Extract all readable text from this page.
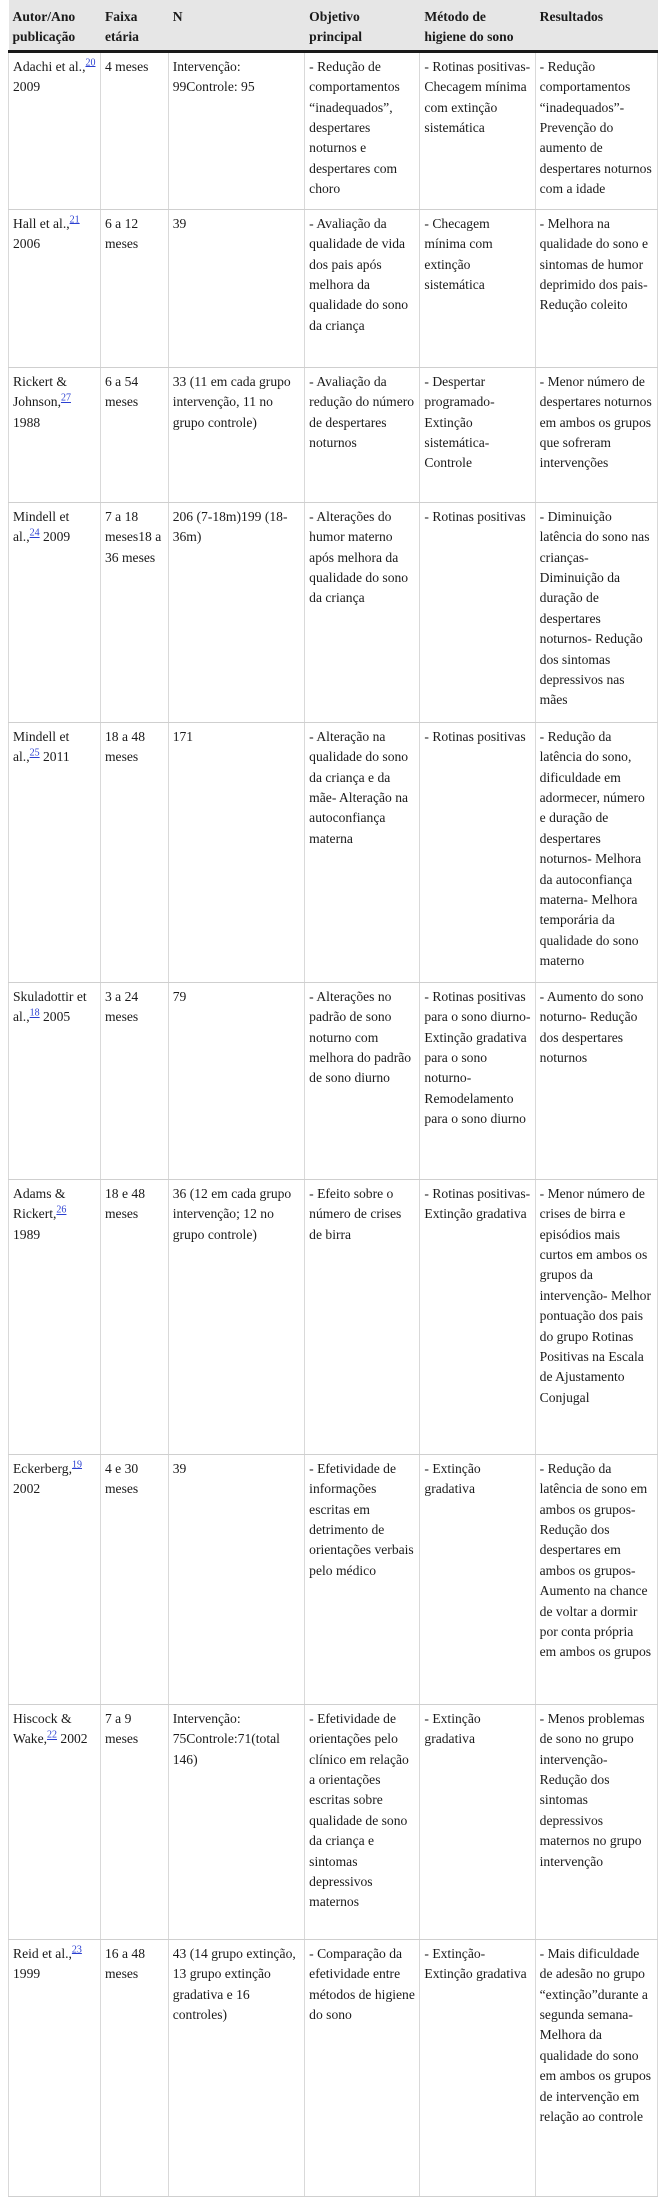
Autor/Ano publicação	Faixa etária	N	Objetivo principal	Método de higiene do sono	Resultados
Adachi et al.,$^{20}$ 2009	4 meses	Intervenção: 99Controle: 95	- Redução de comportamentos “inadequados”, despertares noturnos e despertares com choro	- Rotinas positivas- Checagem mínima com extinção sistemática	- Redução comportamentos “inadequados”- Prevenção do aumento de despertares noturnos com a idade
Hall et al.,$^{21}$ 2006	6 a 12 meses	39	- Avaliação da qualidade de vida dos pais após melhora da qualidade do sono da criança	- Checagem mínima com extinção sistemática	- Melhora na qualidade do sono e sintomas de humor deprimido dos pais- Redução coleito
Rickert & Johnson,$^{27}$ 1988	6 a 54 meses	33 (11 em cada grupo intervenção, 11 no grupo controle)	- Avaliação da redução do número de despertares noturnos	- Despertar programado- Extinção sistemática- Controle	- Menor número de despertares noturnos em ambos os grupos que sofreram intervenções
Mindell et al.,$^{24}$ 2009	7 a 18 meses18 a 36 meses	206 (7-18m)199 (18-36m)	- Alterações do humor materno após melhora da qualidade do sono da criança	- Rotinas positivas	- Diminuição latência do sono nas crianças- Diminuição da duração de despertares noturnos- Redução dos sintomas depressivos nas mães
Mindell et al.,$^{25}$ 2011	18 a 48 meses	171	- Alteração na qualidade do sono da criança e da mãe- Alteração na autoconfiança materna	- Rotinas positivas	- Redução da latência do sono, dificuldade em adormecer, número e duração de despertares noturnos- Melhora da autoconfiança materna- Melhora temporária da qualidade do sono materno
Skuladottir et al.,$^{18}$ 2005	3 a 24 meses	79	- Alterações no padrão de sono noturno com melhora do padrão de sono diurno	- Rotinas positivas para o sono diurno- Extinção gradativa para o sono noturno- Remodelamento para o sono diurno	- Aumento do sono noturno- Redução dos despertares noturnos
Adams & Rickert,$^{26}$ 1989	18 e 48 meses	36 (12 em cada grupo intervenção; 12 no grupo controle)	- Efeito sobre o número de crises de birra	- Rotinas positivas- Extinção gradativa	- Menor número de crises de birra e episódios mais curtos em ambos os grupos da intervenção- Melhor pontuação dos pais do grupo Rotinas Positivas na Escala de Ajustamento Conjugal
Eckerberg,$^{19}$ 2002	4 e 30 meses	39	- Efetividade de informações escritas em detrimento de orientações verbais pelo médico	- Extinção gradativa	- Redução da latência de sono em ambos os grupos- Redução dos despertares em ambos os grupos- Aumento na chance de voltar a dormir por conta própria em ambos os grupos
Hiscock & Wake,$^{22}$ 2002	7 a 9 meses	Intervenção: 75Controle:71(total 146)	- Efetividade de orientações pelo clínico em relação a orientações escritas sobre qualidade de sono da criança e sintomas depressivos maternos	- Extinção gradativa	- Menos problemas de sono no grupo intervenção- Redução dos sintomas depressivos maternos no grupo intervenção
Reid et al.,$^{23}$ 1999	16 a 48 meses	43 (14 grupo extinção, 13 grupo extinção gradativa e 16 controles)	- Comparação da efetividade entre métodos de higiene do sono	- Extinção- Extinção gradativa	- Mais dificuldade de adesão no grupo “extinção”durante a segunda semana- Melhora da qualidade do sono em ambos os grupos de intervenção em relação ao controle
